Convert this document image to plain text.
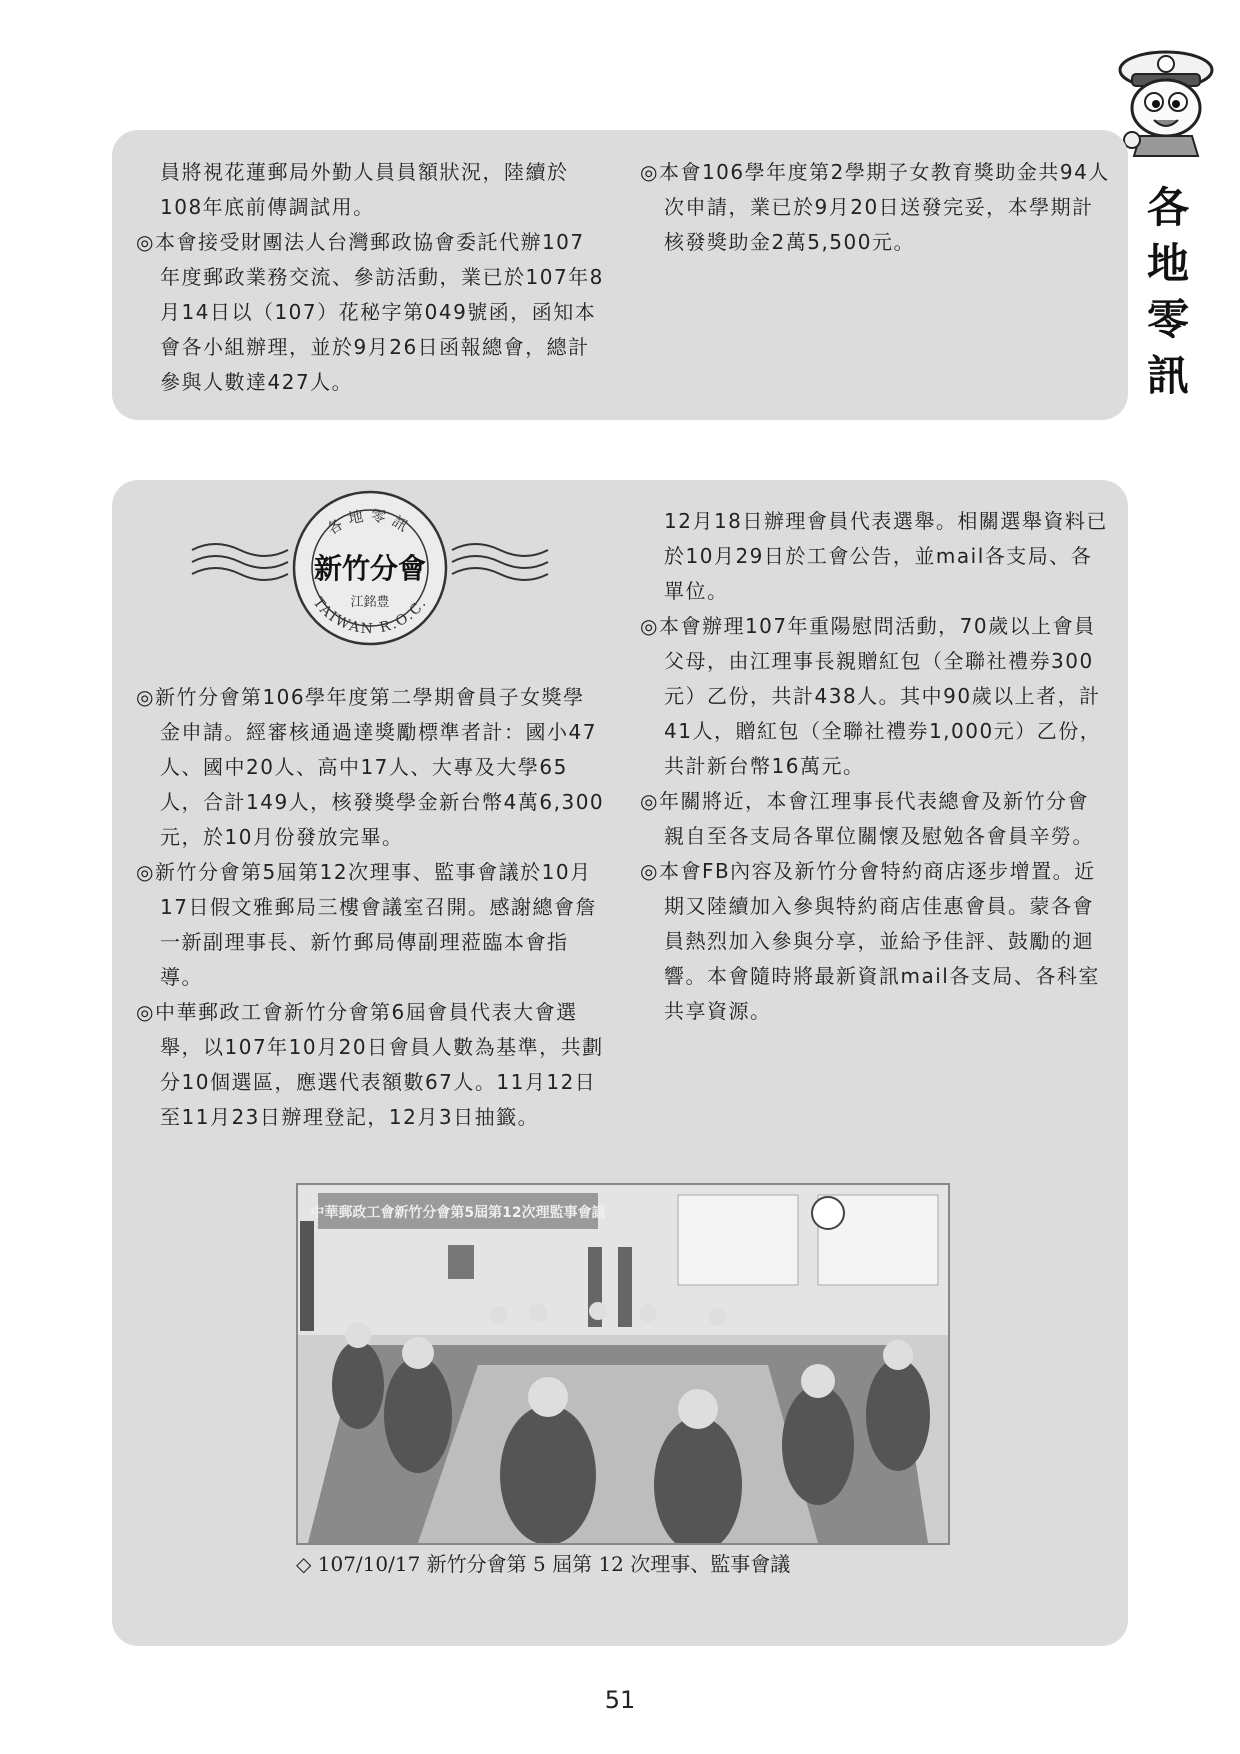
各
地
零
訊

員將視花蓮郵局外勤人員員額狀況，陸續於108年底前傳調試用。

◎本會接受財團法人台灣郵政協會委託代辦107年度郵政業務交流、參訪活動，業已於107年8月14日以（107）花秘字第049號函，函知本會各小組辦理，並於9月26日函報總會，總計參與人數達427人。

◎本會106學年度第2學期子女教育獎助金共94人次申請，業已於9月20日送發完妥，本學期計核發獎助金2萬5,500元。

各地零訊
新竹分會
江銘豊
TAIWAN R.O.C.

◎新竹分會第106學年度第二學期會員子女獎學金申請。經審核通過達獎勵標準者計：國小47人、國中20人、高中17人、大專及大學65人，合計149人，核發獎學金新台幣4萬6,300元，於10月份發放完畢。

◎新竹分會第5屆第12次理事、監事會議於10月17日假文雅郵局三樓會議室召開。感謝總會詹一新副理事長、新竹郵局傳副理蒞臨本會指導。

◎中華郵政工會新竹分會第6屆會員代表大會選舉，以107年10月20日會員人數為基準，共劃分10個選區，應選代表額數67人。11月12日至11月23日辦理登記，12月3日抽籤。

12月18日辦理會員代表選舉。相關選舉資料已於10月29日於工會公告，並mail各支局、各單位。

◎本會辦理107年重陽慰問活動，70歲以上會員父母，由江理事長親贈紅包（全聯社禮券300元）乙份，共計438人。其中90歲以上者，計41人，贈紅包（全聯社禮券1,000元）乙份，共計新台幣16萬元。

◎年關將近，本會江理事長代表總會及新竹分會親自至各支局各單位關懷及慰勉各會員辛勞。

◎本會FB內容及新竹分會特約商店逐步增置。近期又陸續加入參與特約商店佳惠會員。蒙各會員熱烈加入參與分享，並給予佳評、鼓勵的迴響。本會隨時將最新資訊mail各支局、各科室共享資源。

中華郵政工會新竹分會第5屆第12次理監事會議
◇ 107/10/17 新竹分會第 5 屆第 12 次理事、監事會議
51
